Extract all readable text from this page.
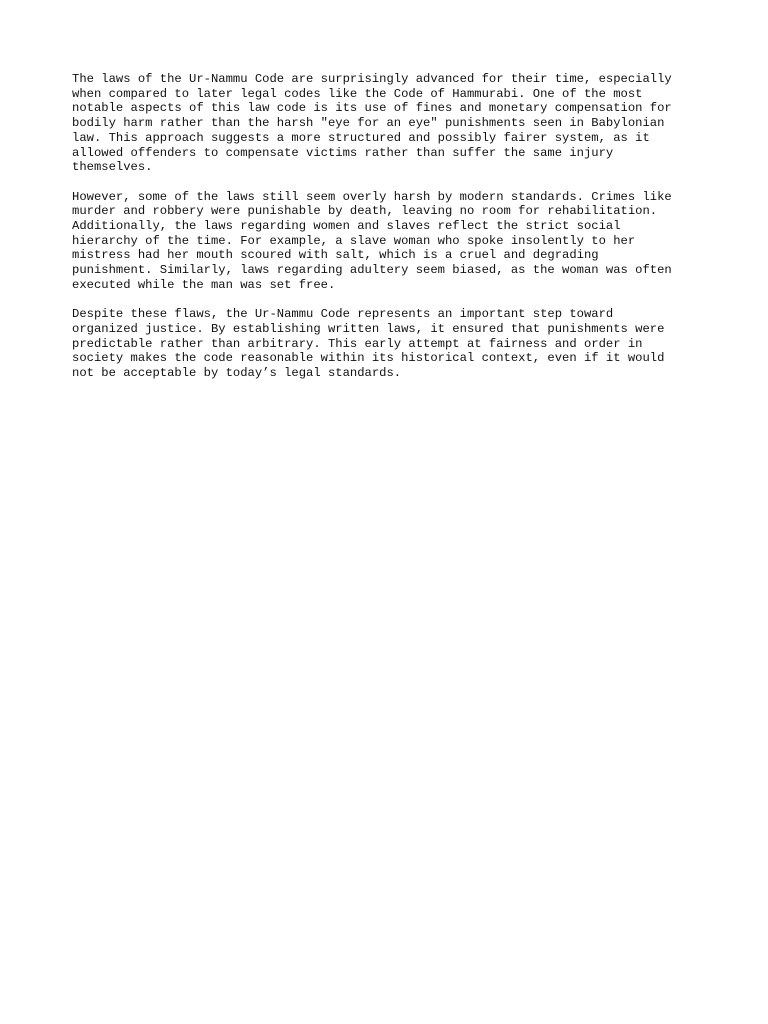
The laws of the Ur-Nammu Code are surprisingly advanced for their time, especially
when compared to later legal codes like the Code of Hammurabi. One of the most
notable aspects of this law code is its use of fines and monetary compensation for
bodily harm rather than the harsh "eye for an eye" punishments seen in Babylonian
law. This approach suggests a more structured and possibly fairer system, as it
allowed offenders to compensate victims rather than suffer the same injury
themselves.

However, some of the laws still seem overly harsh by modern standards. Crimes like
murder and robbery were punishable by death, leaving no room for rehabilitation.
Additionally, the laws regarding women and slaves reflect the strict social
hierarchy of the time. For example, a slave woman who spoke insolently to her
mistress had her mouth scoured with salt, which is a cruel and degrading
punishment. Similarly, laws regarding adultery seem biased, as the woman was often
executed while the man was set free.

Despite these flaws, the Ur-Nammu Code represents an important step toward
organized justice. By establishing written laws, it ensured that punishments were
predictable rather than arbitrary. This early attempt at fairness and order in
society makes the code reasonable within its historical context, even if it would
not be acceptable by today’s legal standards.
